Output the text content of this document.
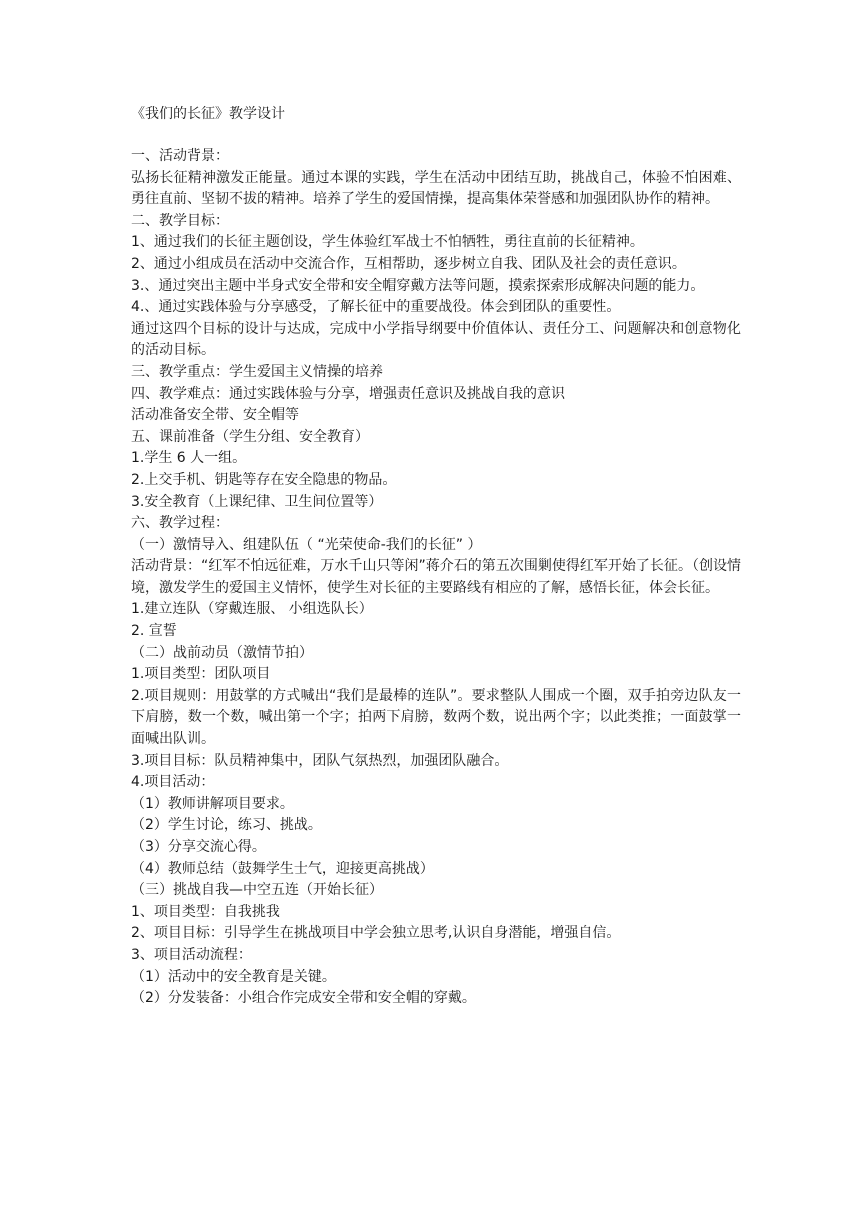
《我们的长征》教学设计
一、活动背景：
弘扬长征精神激发正能量。通过本课的实践，学生在活动中团结互助，挑战自己，体验不怕困难、勇往直前、坚韧不拔的精神。培养了学生的爱国情操，提高集体荣誉感和加强团队协作的精神。
二、教学目标：
1、通过我们的长征主题创设，学生体验红军战士不怕牺牲，勇往直前的长征精神。
2、通过小组成员在活动中交流合作，互相帮助，逐步树立自我、团队及社会的责任意识。
3.、通过突出主题中半身式安全带和安全帽穿戴方法等问题，摸索探索形成解决问题的能力。
4.、通过实践体验与分享感受，了解长征中的重要战役。体会到团队的重要性。
通过这四个目标的设计与达成，完成中小学指导纲要中价值体认、责任分工、问题解决和创意物化的活动目标。
三、教学重点：学生爱国主义情操的培养
四、教学难点：通过实践体验与分享，增强责任意识及挑战自我的意识
活动准备安全带、安全帽等
五、课前准备（学生分组、安全教育）
1.学生 6 人一组。
2.上交手机、钥匙等存在安全隐患的物品。
3.安全教育（上课纪律、卫生间位置等）
六、教学过程：
（一）激情导入、组建队伍（ “光荣使命-我们的长征” ）
活动背景：“红军不怕远征难，万水千山只等闲”蒋介石的第五次围剿使得红军开始了长征。（创设情境，激发学生的爱国主义情怀，使学生对长征的主要路线有相应的了解，感悟长征，体会长征。
1.建立连队（穿戴连服、 小组选队长）
2. 宣誓
（二）战前动员（激情节拍）
1.项目类型：团队项目
2.项目规则：用鼓掌的方式喊出“我们是最棒的连队”。要求整队人围成一个圈，双手拍旁边队友一下肩膀，数一个数，喊出第一个字；拍两下肩膀，数两个数，说出两个字；以此类推；一面鼓掌一面喊出队训。
3.项目目标：队员精神集中，团队气氛热烈，加强团队融合。
4.项目活动：
（1）教师讲解项目要求。
（2）学生讨论，练习、挑战。
（3）分享交流心得。
（4）教师总结（鼓舞学生士气，迎接更高挑战）
（三）挑战自我—中空五连（开始长征）
1、项目类型：自我挑我
2、项目目标：引导学生在挑战项目中学会独立思考,认识自身潜能，增强自信。
3、项目活动流程：
（1）活动中的安全教育是关键。
（2）分发装备：小组合作完成安全带和安全帽的穿戴。
